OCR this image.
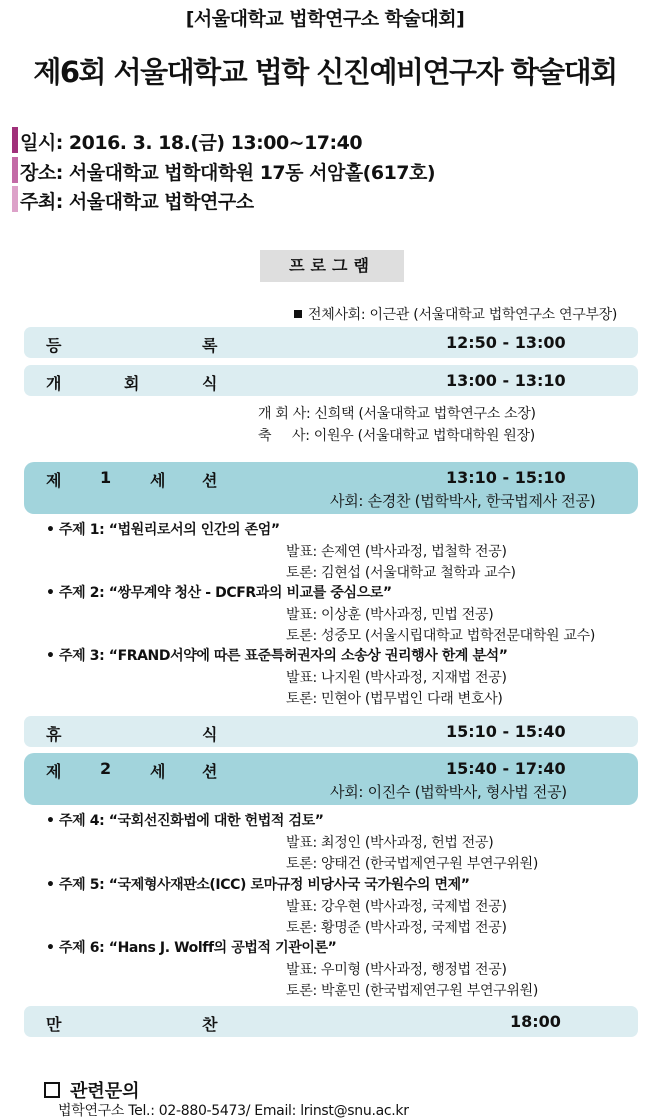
[서울대학교 법학연구소 학술대회]
제6회 서울대학교 법학 신진예비연구자 학술대회
일시: 2016. 3. 18.(금) 13:00~17:40
장소: 서울대학교 법학대학원 17동 서암홀(617호)
주최: 서울대학교 법학연구소
프로그램
전체사회: 이근관 (서울대학교 법학연구소 연구부장)
등	록	12:50 - 13:00
개	회	식	13:00 - 13:10
개 회 사: 신희택 (서울대학교 법학연구소 소장)
축     사: 이원우 (서울대학교 법학대학원 원장)
제 1 세 션	13:10 - 15:10
사회: 손경찬 (법학박사, 한국법제사 전공)
• 주제 1: “법원리로서의 인간의 존엄”
발표: 손제연 (박사과정, 법철학 전공)
토론: 김현섭 (서울대학교 철학과 교수)
• 주제 2: “쌍무계약 청산 - DCFR과의 비교를 중심으로”
발표: 이상훈 (박사과정, 민법 전공)
토론: 성중모 (서울시립대학교 법학전문대학원 교수)
• 주제 3: “FRAND서약에 따른 표준특허권자의 소송상 권리행사 한계 분석”
발표: 나지원 (박사과정, 지재법 전공)
토론: 민현아 (법무법인 다래 변호사)
휴	식	15:10 - 15:40
제 2 세 션	15:40 - 17:40
사회: 이진수 (법학박사, 형사법 전공)
• 주제 4: “국회선진화법에 대한 헌법적 검토”
발표: 최정인 (박사과정, 헌법 전공)
토론: 양태건 (한국법제연구원 부연구위원)
• 주제 5: “국제형사재판소(ICC) 로마규정 비당사국 국가원수의 면제”
발표: 강우현 (박사과정, 국제법 전공)
토론: 황명준 (박사과정, 국제법 전공)
• 주제 6: “Hans J. Wolff의 공법적 기관이론”
발표: 우미형 (박사과정, 행정법 전공)
토론: 박훈민 (한국법제연구원 부연구위원)
만	찬	18:00
관련문의
법학연구소 Tel.: 02-880-5473/ Email: lrinst@snu.ac.kr
